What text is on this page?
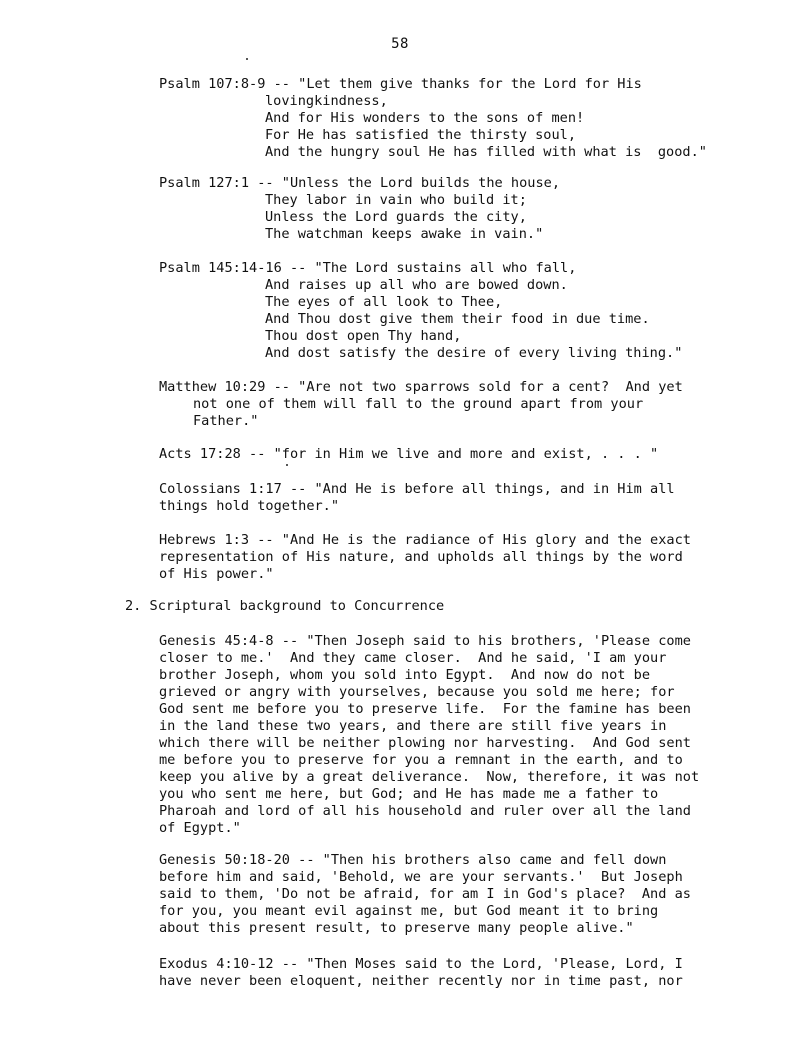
58
Psalm 107:8-9 -- "Let them give thanks for the Lord for His
lovingkindness,
And for His wonders to the sons of men!
For He has satisfied the thirsty soul,
And the hungry soul He has filled with what is  good."
Psalm 127:1 -- "Unless the Lord builds the house,
They labor in vain who build it;
Unless the Lord guards the city,
The watchman keeps awake in vain."
Psalm 145:14-16 -- "The Lord sustains all who fall,
And raises up all who are bowed down.
The eyes of all look to Thee,
And Thou dost give them their food in due time.
Thou dost open Thy hand,
And dost satisfy the desire of every living thing."
Matthew 10:29 -- "Are not two sparrows sold for a cent?  And yet
not one of them will fall to the ground apart from your
Father."
Acts 17:28 -- "for in Him we live and more and exist, . . . "
Colossians 1:17 -- "And He is before all things, and in Him all
things hold together."
Hebrews 1:3 -- "And He is the radiance of His glory and the exact
representation of His nature, and upholds all things by the word
of His power."
2. Scriptural background to Concurrence
Genesis 45:4-8 -- "Then Joseph said to his brothers, 'Please come
closer to me.'  And they came closer.  And he said, 'I am your
brother Joseph, whom you sold into Egypt.  And now do not be
grieved or angry with yourselves, because you sold me here; for
God sent me before you to preserve life.  For the famine has been
in the land these two years, and there are still five years in
which there will be neither plowing nor harvesting.  And God sent
me before you to preserve for you a remnant in the earth, and to
keep you alive by a great deliverance.  Now, therefore, it was not
you who sent me here, but God; and He has made me a father to
Pharoah and lord of all his household and ruler over all the land
of Egypt."
Genesis 50:18-20 -- "Then his brothers also came and fell down
before him and said, 'Behold, we are your servants.'  But Joseph
said to them, 'Do not be afraid, for am I in God's place?  And as
for you, you meant evil against me, but God meant it to bring
about this present result, to preserve many people alive."
Exodus 4:10-12 -- "Then Moses said to the Lord, 'Please, Lord, I
have never been eloquent, neither recently nor in time past, nor
